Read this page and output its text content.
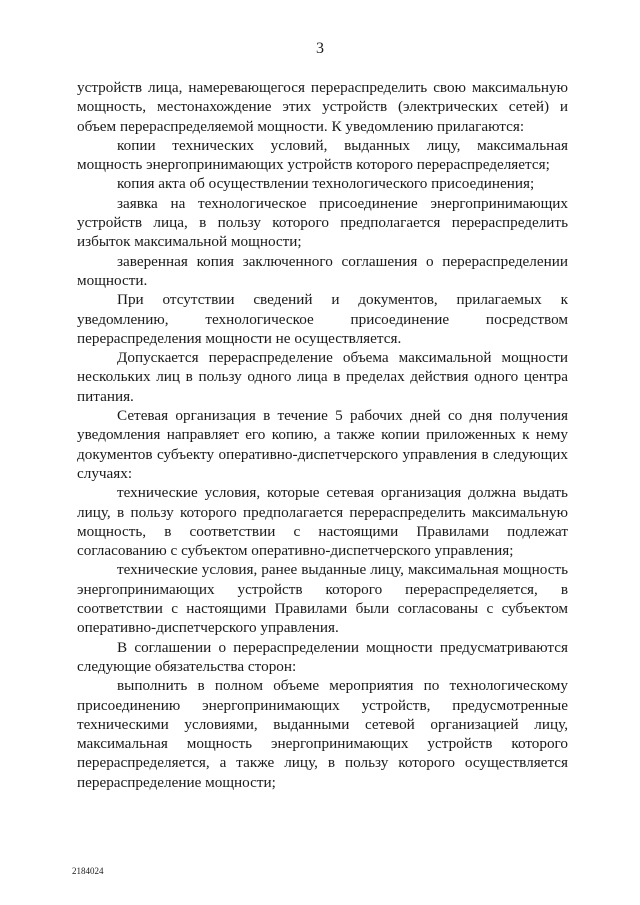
3

устройств лица, намеревающегося перераспределить свою максимальную мощность, местонахождение этих устройств (электрических сетей) и объем перераспределяемой мощности. К уведомлению прилагаются:

копии технических условий, выданных лицу, максимальная мощность энергопринимающих устройств которого перераспределяется;

копия акта об осуществлении технологического присоединения;

заявка на технологическое присоединение энергопринимающих устройств лица, в пользу которого предполагается перераспределить избыток максимальной мощности;

заверенная копия заключенного соглашения о перераспределении мощности.

При отсутствии сведений и документов, прилагаемых к уведомлению, технологическое присоединение посредством перераспределения мощности не осуществляется.

Допускается перераспределение объема максимальной мощности нескольких лиц в пользу одного лица в пределах действия одного центра питания.

Сетевая организация в течение 5 рабочих дней со дня получения уведомления направляет его копию, а также копии приложенных к нему документов субъекту оперативно-диспетчерского управления в следующих случаях:

технические условия, которые сетевая организация должна выдать лицу, в пользу которого предполагается перераспределить максимальную мощность, в соответствии с настоящими Правилами подлежат согласованию с субъектом оперативно-диспетчерского управления;

технические условия, ранее выданные лицу, максимальная мощность энергопринимающих устройств которого перераспределяется, в соответствии с настоящими Правилами были согласованы с субъектом оперативно-диспетчерского управления.

В соглашении о перераспределении мощности предусматриваются следующие обязательства сторон:

выполнить в полном объеме мероприятия по технологическому присоединению энергопринимающих устройств, предусмотренные техническими условиями, выданными сетевой организацией лицу, максимальная мощность энергопринимающих устройств которого перераспределяется, а также лицу, в пользу которого осуществляется перераспределение мощности;

2184024
